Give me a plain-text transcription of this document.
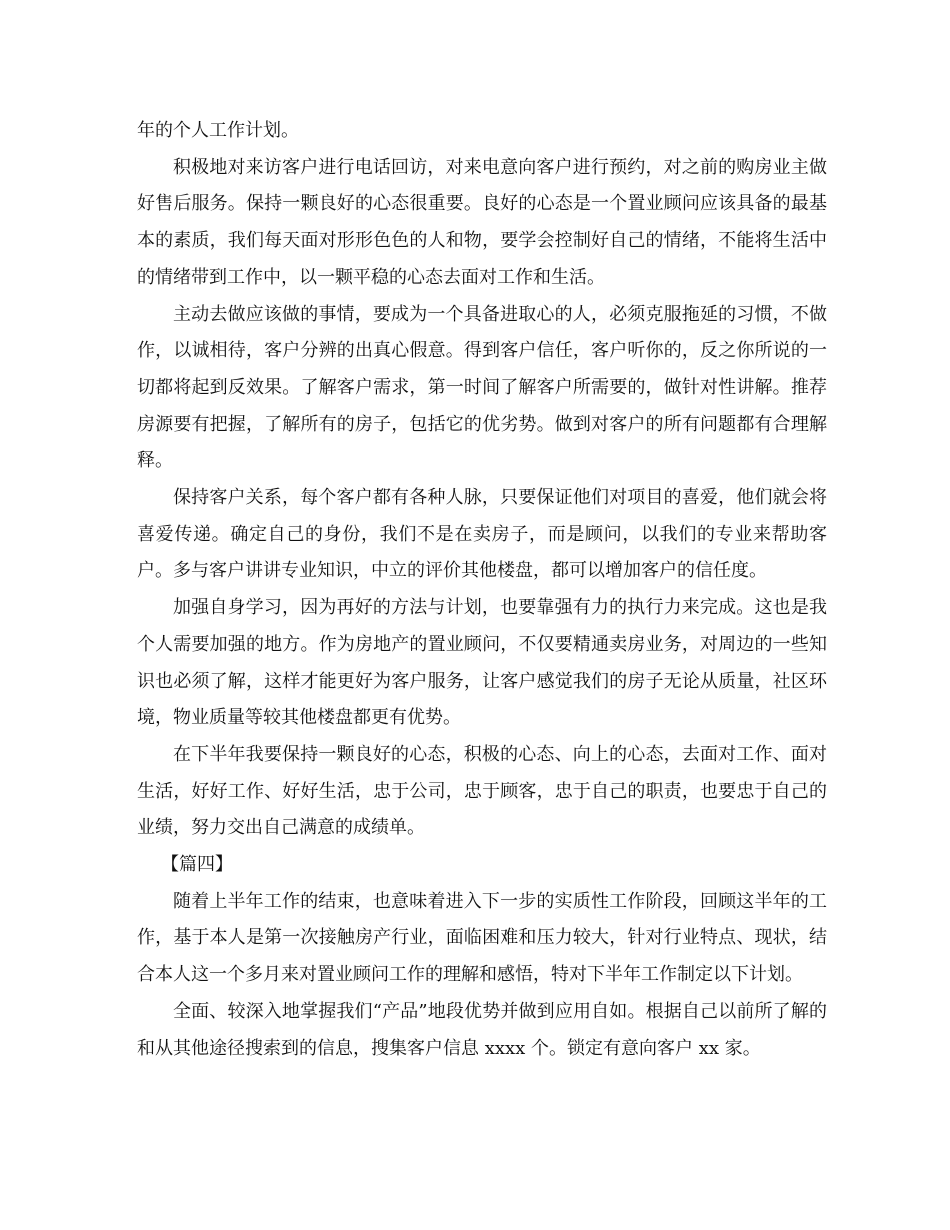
年的个人工作计划。

积极地对来访客户进行电话回访，对来电意向客户进行预约，对之前的购房业主做好售后服务。保持一颗良好的心态很重要。良好的心态是一个置业顾问应该具备的最基本的素质，我们每天面对形形色色的人和物，要学会控制好自己的情绪，不能将生活中的情绪带到工作中，以一颗平稳的心态去面对工作和生活。

主动去做应该做的事情，要成为一个具备进取心的人，必须克服拖延的习惯，不做作，以诚相待，客户分辨的出真心假意。得到客户信任，客户听你的，反之你所说的一切都将起到反效果。了解客户需求，第一时间了解客户所需要的，做针对性讲解。推荐房源要有把握，了解所有的房子，包括它的优劣势。做到对客户的所有问题都有合理解释。

保持客户关系，每个客户都有各种人脉，只要保证他们对项目的喜爱，他们就会将喜爱传递。确定自己的身份，我们不是在卖房子，而是顾问，以我们的专业来帮助客户。多与客户讲讲专业知识，中立的评价其他楼盘，都可以增加客户的信任度。

加强自身学习，因为再好的方法与计划，也要靠强有力的执行力来完成。这也是我个人需要加强的地方。作为房地产的置业顾问，不仅要精通卖房业务，对周边的一些知识也必须了解，这样才能更好为客户服务，让客户感觉我们的房子无论从质量，社区环境，物业质量等较其他楼盘都更有优势。

在下半年我要保持一颗良好的心态，积极的心态、向上的心态，去面对工作、面对生活，好好工作、好好生活，忠于公司，忠于顾客，忠于自己的职责，也要忠于自己的业绩，努力交出自己满意的成绩单。

【篇四】

随着上半年工作的结束，也意味着进入下一步的实质性工作阶段，回顾这半年的工作，基于本人是第一次接触房产行业，面临困难和压力较大，针对行业特点、现状，结合本人这一个多月来对置业顾问工作的理解和感悟，特对下半年工作制定以下计划。

全面、较深入地掌握我们“产品”地段优势并做到应用自如。根据自己以前所了解的和从其他途径搜索到的信息，搜集客户信息 xxxx 个。锁定有意向客户 xx 家。
